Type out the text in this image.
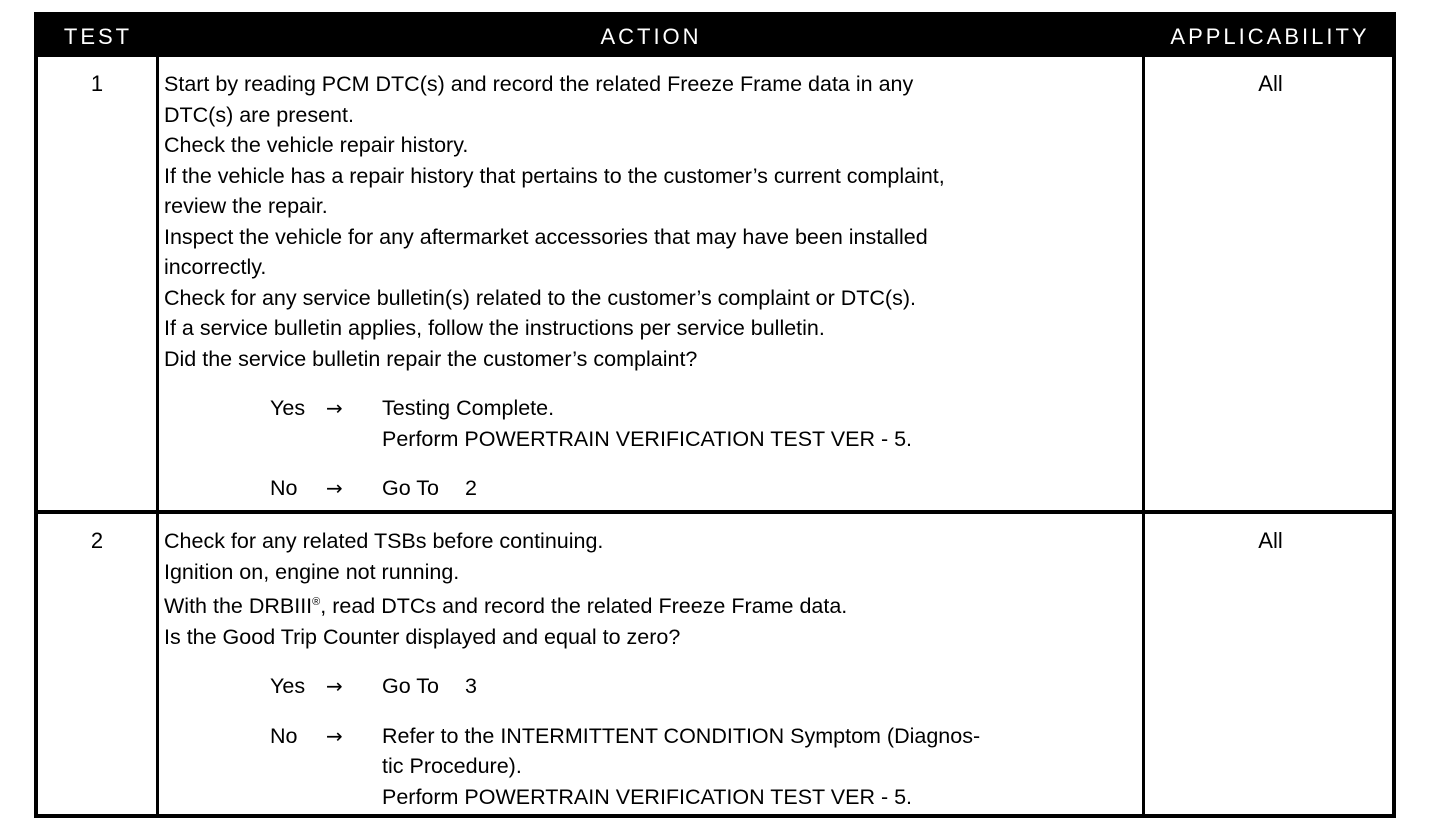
TEST	ACTION	APPLICABILITY
1	Start by reading PCM DTC(s) and record the related Freeze Frame data in any
DTC(s) are present.
Check the vehicle repair history.
If the vehicle has a repair history that pertains to the customer’s current complaint,
review the repair.
Inspect the vehicle for any aftermarket accessories that may have been installed
incorrectly.
Check for any service bulletin(s) related to the customer’s complaint or DTC(s).
If a service bulletin applies, follow the instructions per service bulletin.
Did the service bulletin repair the customer’s complaint?
Yes	→	Testing Complete.
Perform POWERTRAIN VERIFICATION TEST VER - 5.
No	→	Go To 2
All
2	Check for any related TSBs before continuing.
Ignition on, engine not running.
With the DRBIII®, read DTCs and record the related Freeze Frame data.
Is the Good Trip Counter displayed and equal to zero?
Yes	→	Go To 3
No	→	Refer to the INTERMITTENT CONDITION Symptom (Diagnos-
tic Procedure).
Perform POWERTRAIN VERIFICATION TEST VER - 5.
All
